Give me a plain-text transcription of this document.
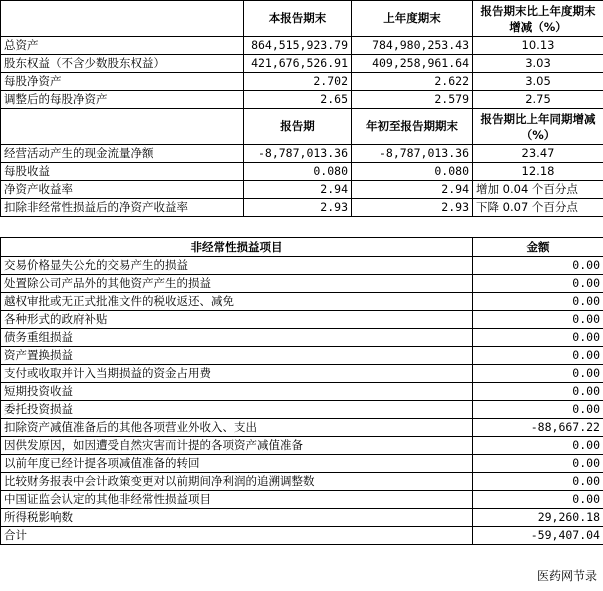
	本报告期末	上年度期末	报告期末比上年度期末增减（%）
总资产	864,515,923.79	784,980,253.43	10.13
股东权益（不含少数股东权益）	421,676,526.91	409,258,961.64	3.03
每股净资产	2.702	2.622	3.05
调整后的每股净资产	2.65	2.579	2.75
	报告期	年初至报告期期末	报告期比上年同期增减（%）
经营活动产生的现金流量净额	-8,787,013.36	-8,787,013.36	23.47
每股收益	0.080	0.080	12.18
净资产收益率	2.94	2.94	增加 0.04 个百分点
扣除非经常性损益后的净资产收益率	2.93	2.93	下降 0.07 个百分点
非经常性损益项目	金额
交易价格显失公允的交易产生的损益	0.00
处置除公司产品外的其他资产产生的损益	0.00
越权审批或无正式批准文件的税收返还、减免	0.00
各种形式的政府补贴	0.00
债务重组损益	0.00
资产置换损益	0.00
支付或收取并计入当期损益的资金占用费	0.00
短期投资收益	0.00
委托投资损益	0.00
扣除资产减值准备后的其他各项营业外收入、支出	-88,667.22
因供发原因，如因遭受自然灾害而计提的各项资产减值准备	0.00
以前年度已经计提各项减值准备的转回	0.00
比较财务报表中会计政策变更对以前期间净利润的追溯调整数	0.00
中国证监会认定的其他非经常性损益项目	0.00
所得税影响数	29,260.18
合计	-59,407.04
医药网节录
